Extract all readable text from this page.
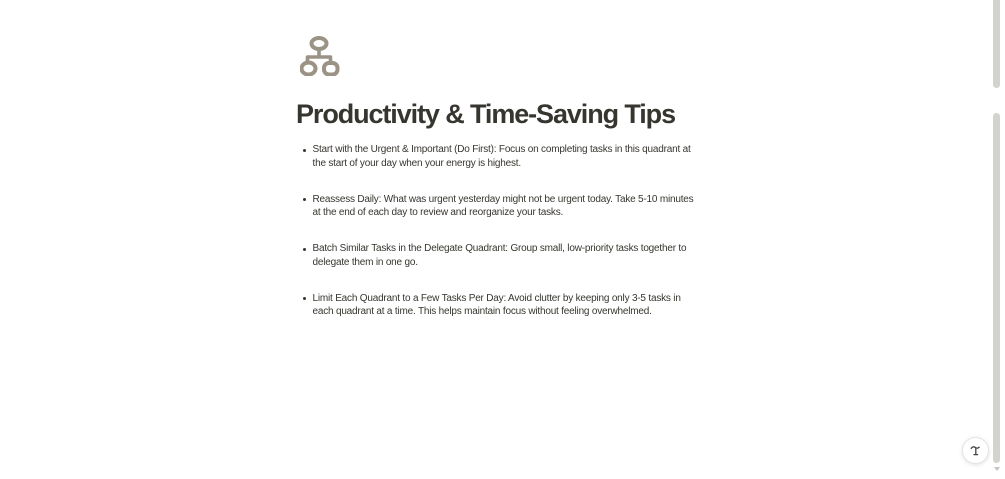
Productivity & Time-Saving Tips
Start with the Urgent & Important (Do First): Focus on completing tasks in this quadrant at the start of your day when your energy is highest.
Reassess Daily: What was urgent yesterday might not be urgent today. Take 5-10 minutes at the end of each day to review and reorganize your tasks.
Batch Similar Tasks in the Delegate Quadrant: Group small, low-priority tasks together to delegate them in one go.
Limit Each Quadrant to a Few Tasks Per Day: Avoid clutter by keeping only 3-5 tasks in each quadrant at a time. This helps maintain focus without feeling overwhelmed.
